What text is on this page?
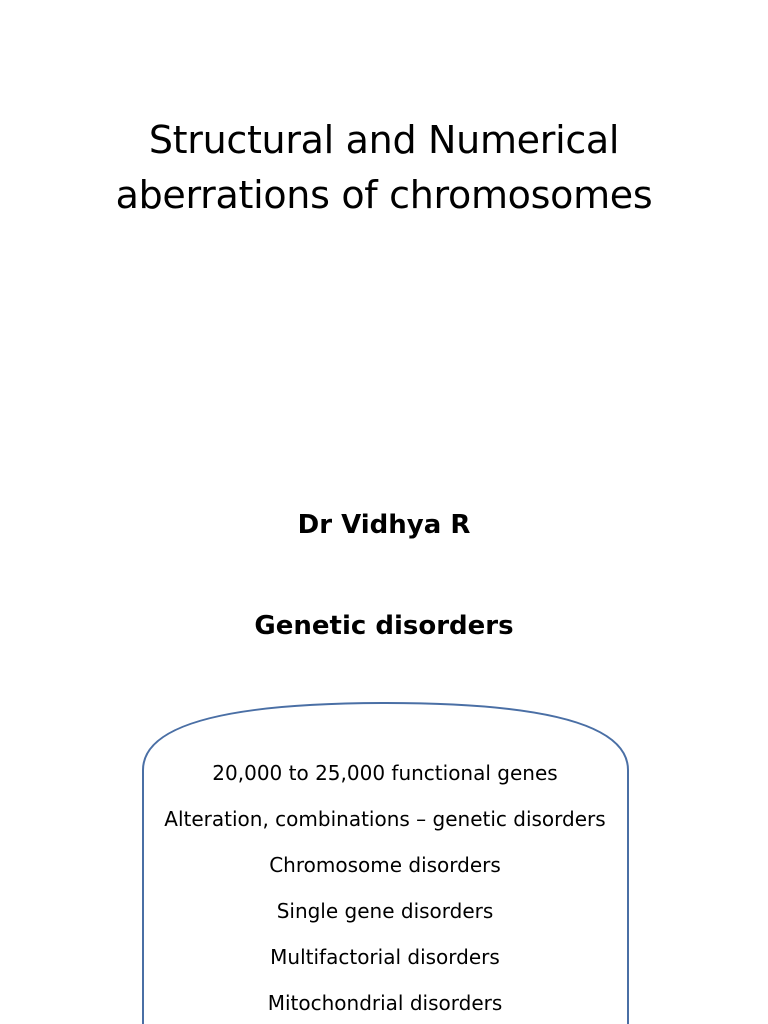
Structural and Numerical
aberrations of chromosomes
Dr Vidhya R
Genetic disorders
20,000 to 25,000 functional genes
Alteration, combinations – genetic disorders
Chromosome disorders
Single gene disorders
Multifactorial disorders
Mitochondrial disorders
